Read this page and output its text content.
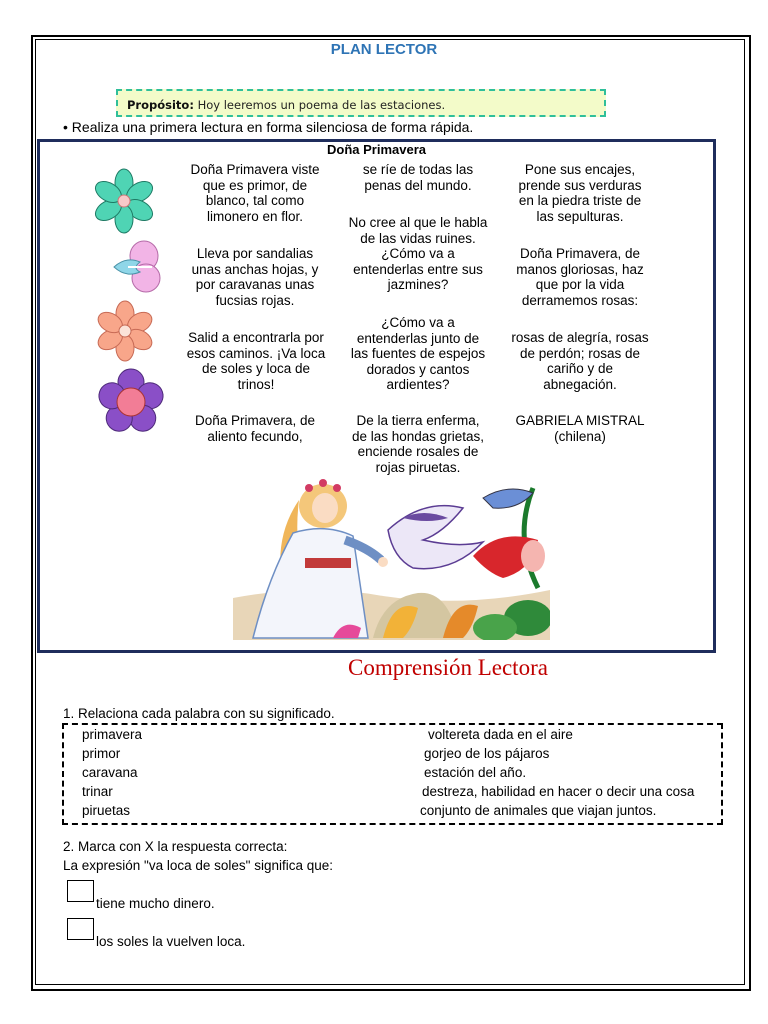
PLAN LECTOR
Propósito: Hoy leeremos un poema de las estaciones.
• Realiza una primera lectura en forma silenciosa de forma rápida.
Doña Primavera
Doña Primavera viste
que es primor, de
blanco, tal como
limonero en flor.
Lleva por sandalias
unas anchas hojas, y
por caravanas unas
fucsias rojas.
Salid a encontrarla por
esos caminos. ¡Va loca
de soles y loca de
trinos!
Doña Primavera, de
aliento fecundo,
se ríe de todas las
penas del mundo.
No cree al que le habla
de las vidas ruines.
¿Cómo va a
entenderlas entre sus
jazmines?
¿Cómo va a
entenderlas junto de
las fuentes de espejos
dorados y cantos
ardientes?
De la tierra enferma,
de las hondas grietas,
enciende rosales de
rojas piruetas.
Pone sus encajes,
prende sus verduras
en la piedra triste de
las sepulturas.
Doña Primavera, de
manos gloriosas, haz
que por la vida
derramemos rosas:
rosas de alegría, rosas
de perdón; rosas de
cariño y de
abnegación.
GABRIELA MISTRAL
(chilena)
Comprensión Lectora
1. Relaciona cada palabra con su significado.
primavera
primor
caravana
trinar
piruetas
voltereta dada en el aire
gorjeo de los pájaros
estación del año.
destreza, habilidad en hacer o decir una cosa
conjunto de animales que viajan juntos.
2. Marca con X la respuesta correcta:
La expresión "va loca de soles" significa que:
tiene mucho dinero.
los soles la vuelven loca.
